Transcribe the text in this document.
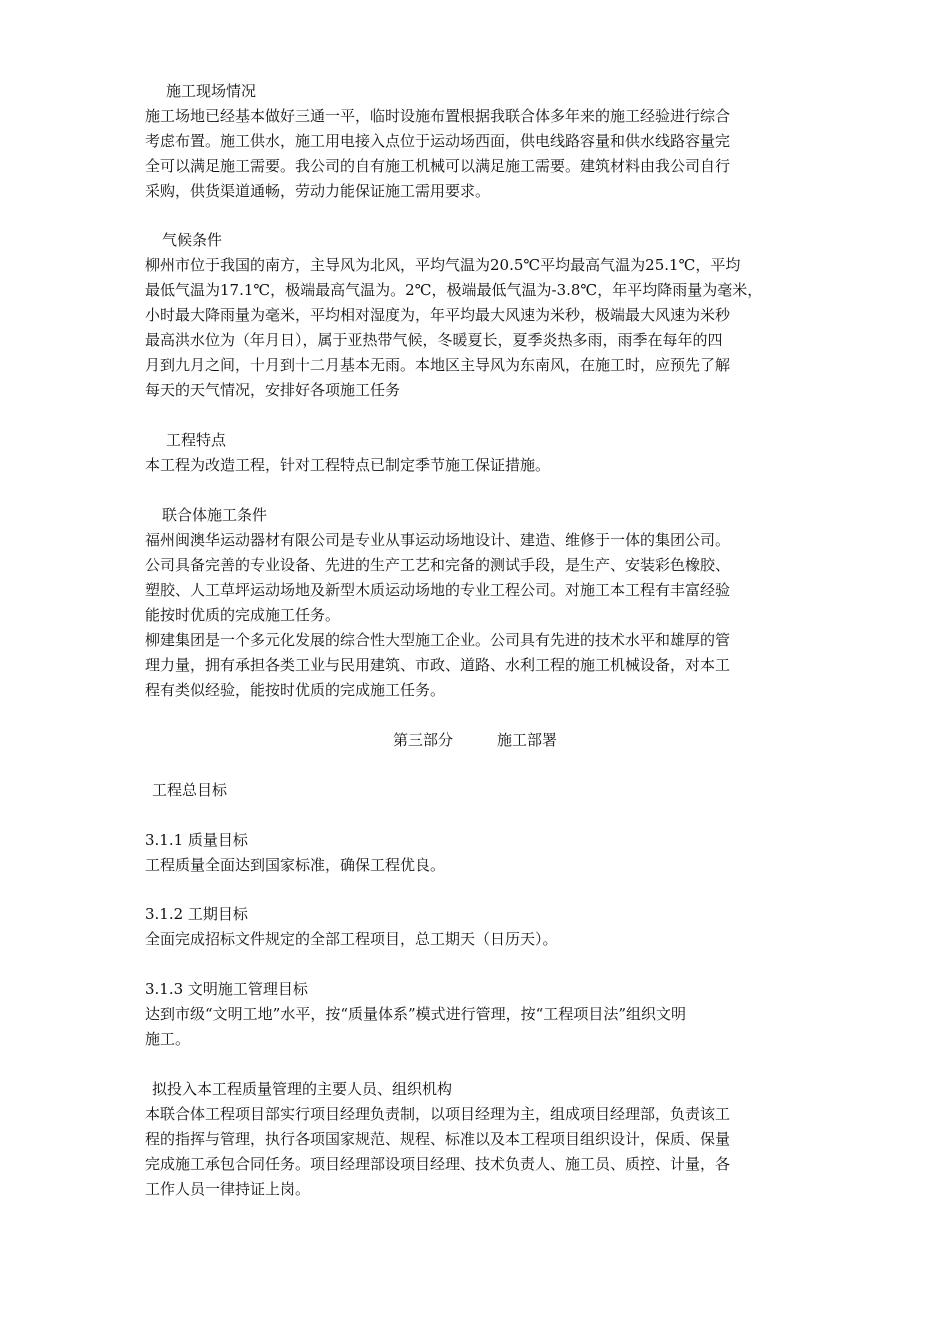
施工现场情况
施工场地已经基本做好三通一平，临时设施布置根据我联合体多年来的施工经验进行综合
考虑布置。施工供水，施工用电接入点位于运动场西面，供电线路容量和供水线路容量完
全可以满足施工需要。我公司的自有施工机械可以满足施工需要。建筑材料由我公司自行
采购，供货渠道通畅，劳动力能保证施工需用要求。
气候条件
柳州市位于我国的南方，主导风为北风，平均气温为20.5℃平均最高气温为25.1℃，平均
最低气温为17.1℃，极端最高气温为。2℃，极端最低气温为-3.8℃，年平均降雨量为毫米，
小时最大降雨量为毫米，平均相对湿度为，年平均最大风速为米秒，极端最大风速为米秒
最高洪水位为（年月日），属于亚热带气候，冬暖夏长，夏季炎热多雨，雨季在每年的四
月到九月之间，十月到十二月基本无雨。本地区主导风为东南风，在施工时，应预先了解
每天的天气情况，安排好各项施工任务
工程特点
本工程为改造工程，针对工程特点已制定季节施工保证措施。
联合体施工条件
福州闽澳华运动器材有限公司是专业从事运动场地设计、建造、维修于一体的集团公司。
公司具备完善的专业设备、先进的生产工艺和完备的测试手段，是生产、安装彩色橡胶、
塑胶、人工草坪运动场地及新型木质运动场地的专业工程公司。对施工本工程有丰富经验
能按时优质的完成施工任务。
柳建集团是一个多元化发展的综合性大型施工企业。公司具有先进的技术水平和雄厚的管
理力量，拥有承担各类工业与民用建筑、市政、道路、水利工程的施工机械设备，对本工
程有类似经验，能按时优质的完成施工任务。
第三部分	施工部署
工程总目标
3.1.1 质量目标
工程质量全面达到国家标准，确保工程优良。
3.1.2 工期目标
全面完成招标文件规定的全部工程项目，总工期天（日历天）。
3.1.3 文明施工管理目标
达到市级“文明工地”水平，按“质量体系”模式进行管理，按“工程项目法”组织文明
施工。
拟投入本工程质量管理的主要人员、组织机构
本联合体工程项目部实行项目经理负责制，以项目经理为主，组成项目经理部，负责该工
程的指挥与管理，执行各项国家规范、规程、标准以及本工程项目组织设计，保质、保量
完成施工承包合同任务。项目经理部设项目经理、技术负责人、施工员、质控、计量，各
工作人员一律持证上岗。
